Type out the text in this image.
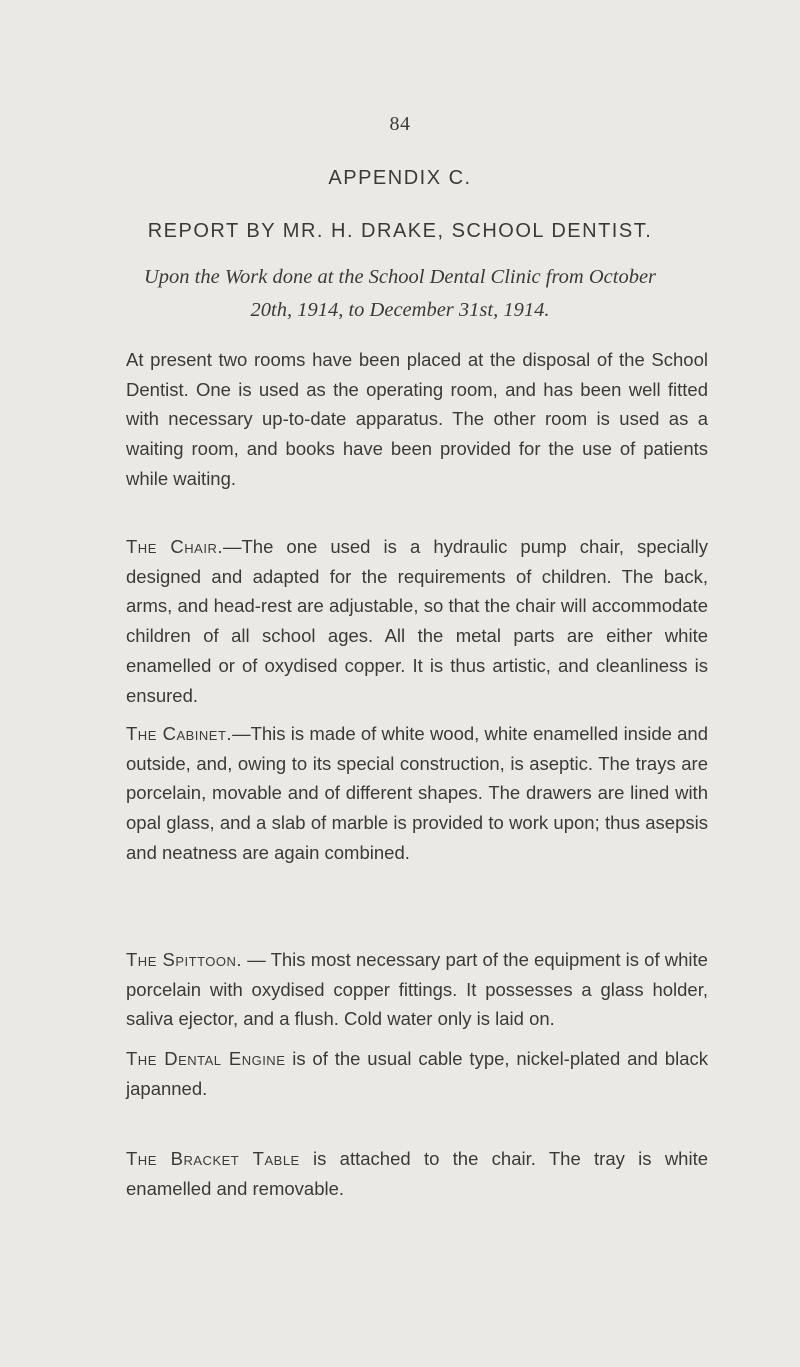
84
APPENDIX C.
REPORT BY MR. H. DRAKE, SCHOOL DENTIST.
Upon the Work done at the School Dental Clinic from October 20th, 1914, to December 31st, 1914.

At present two rooms have been placed at the disposal of the School Dentist. One is used as the operating room, and has been well fitted with necessary up-to-date apparatus. The other room is used as a waiting room, and books have been provided for the use of patients while waiting.

The Chair.—The one used is a hydraulic pump chair, specially designed and adapted for the requirements of children. The back, arms, and head-rest are adjustable, so that the chair will accommodate children of all school ages. All the metal parts are either white enamelled or of oxydised copper. It is thus artistic, and cleanliness is ensured.

The Cabinet.—This is made of white wood, white enamelled inside and outside, and, owing to its special construction, is aseptic. The trays are porcelain, movable and of different shapes. The drawers are lined with opal glass, and a slab of marble is provided to work upon; thus asepsis and neatness are again combined.

The Spittoon. — This most necessary part of the equipment is of white porcelain with oxydised copper fittings. It possesses a glass holder, saliva ejector, and a flush. Cold water only is laid on.

The Dental Engine is of the usual cable type, nickel-plated and black japanned.

The Bracket Table is attached to the chair. The tray is white enamelled and removable.
